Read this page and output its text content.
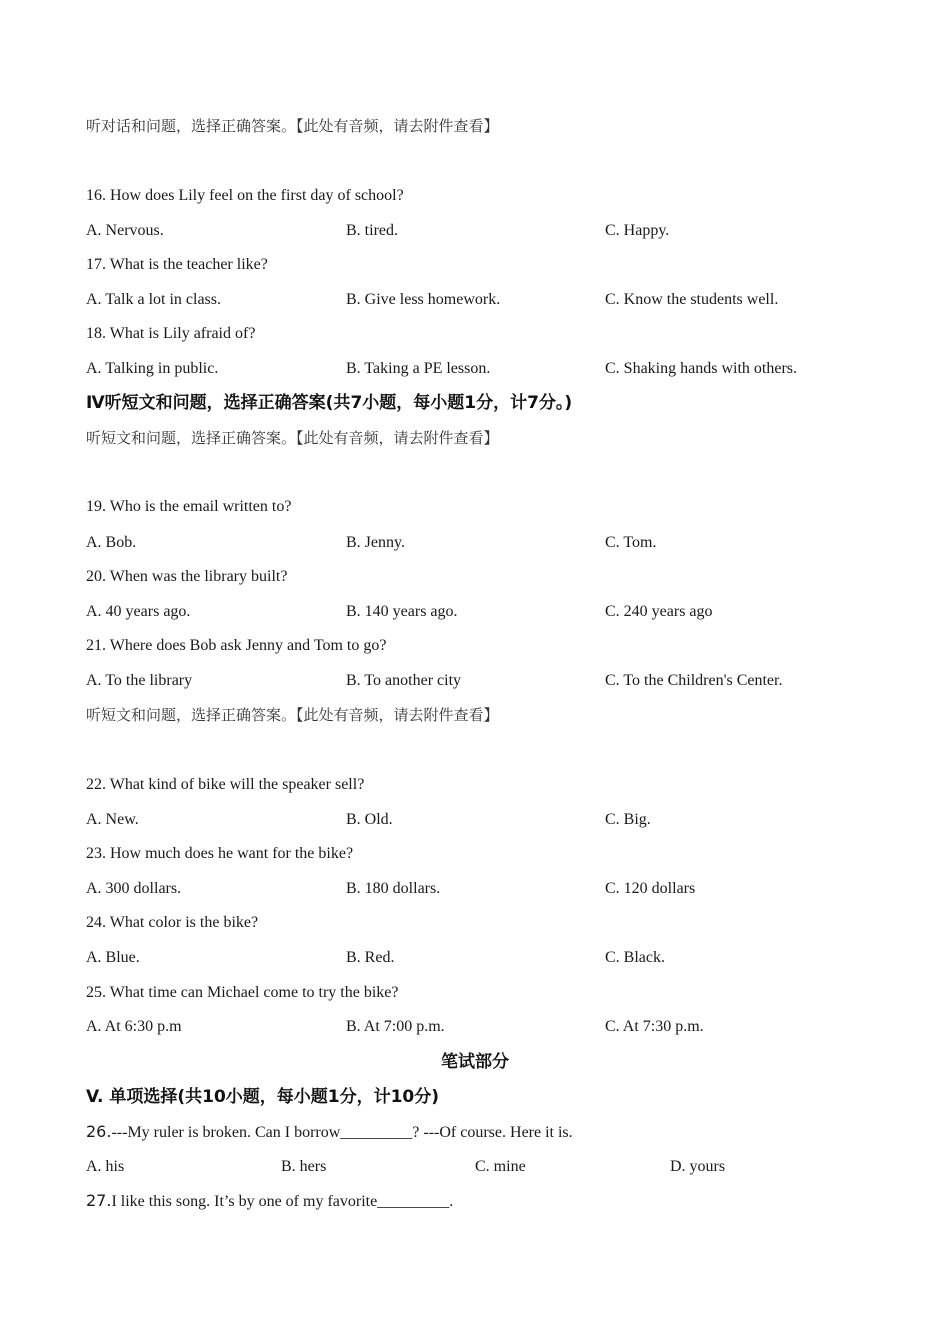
听对话和问题，选择正确答案。【此处有音频，请去附件查看】
16. How does Lily feel on the first day of school?
A. Nervous.	B. tired.	C. Happy.
17. What is the teacher like?
A. Talk a lot in class.	B. Give less homework.	C. Know the students well.
18. What is Lily afraid of?
A. Talking in public.	B. Taking a PE lesson.	C. Shaking hands with others.
Ⅳ听短文和问题，选择正确答案(共7小题，每小题1分，计7分。)
听短文和问题，选择正确答案。【此处有音频，请去附件查看】
19. Who is the email written to?
A. Bob.	B. Jenny.	C. Tom.
20. When was the library built?
A. 40 years ago.	B. 140 years ago.	C. 240 years ago
21. Where does Bob ask Jenny and Tom to go?
A. To the library	B. To another city	C. To the Children's Center.
听短文和问题，选择正确答案。【此处有音频，请去附件查看】
22. What kind of bike will the speaker sell?
A. New.	B. Old.	C. Big.
23. How much does he want for the bike?
A. 300 dollars.	B. 180 dollars.	C. 120 dollars
24. What color is the bike?
A. Blue.	B. Red.	C. Black.
25. What time can Michael come to try the bike?
A. At 6:30 p.m	B. At 7:00 p.m.	C. At 7:30 p.m.
笔试部分
V. 单项选择(共10小题，每小题1分，计10分)
26.---My ruler is broken. Can I borrow_________? ---Of course. Here it is.
A. his	B. hers	C. mine	D. yours
27.I like this song. It’s by one of my favorite_________.
